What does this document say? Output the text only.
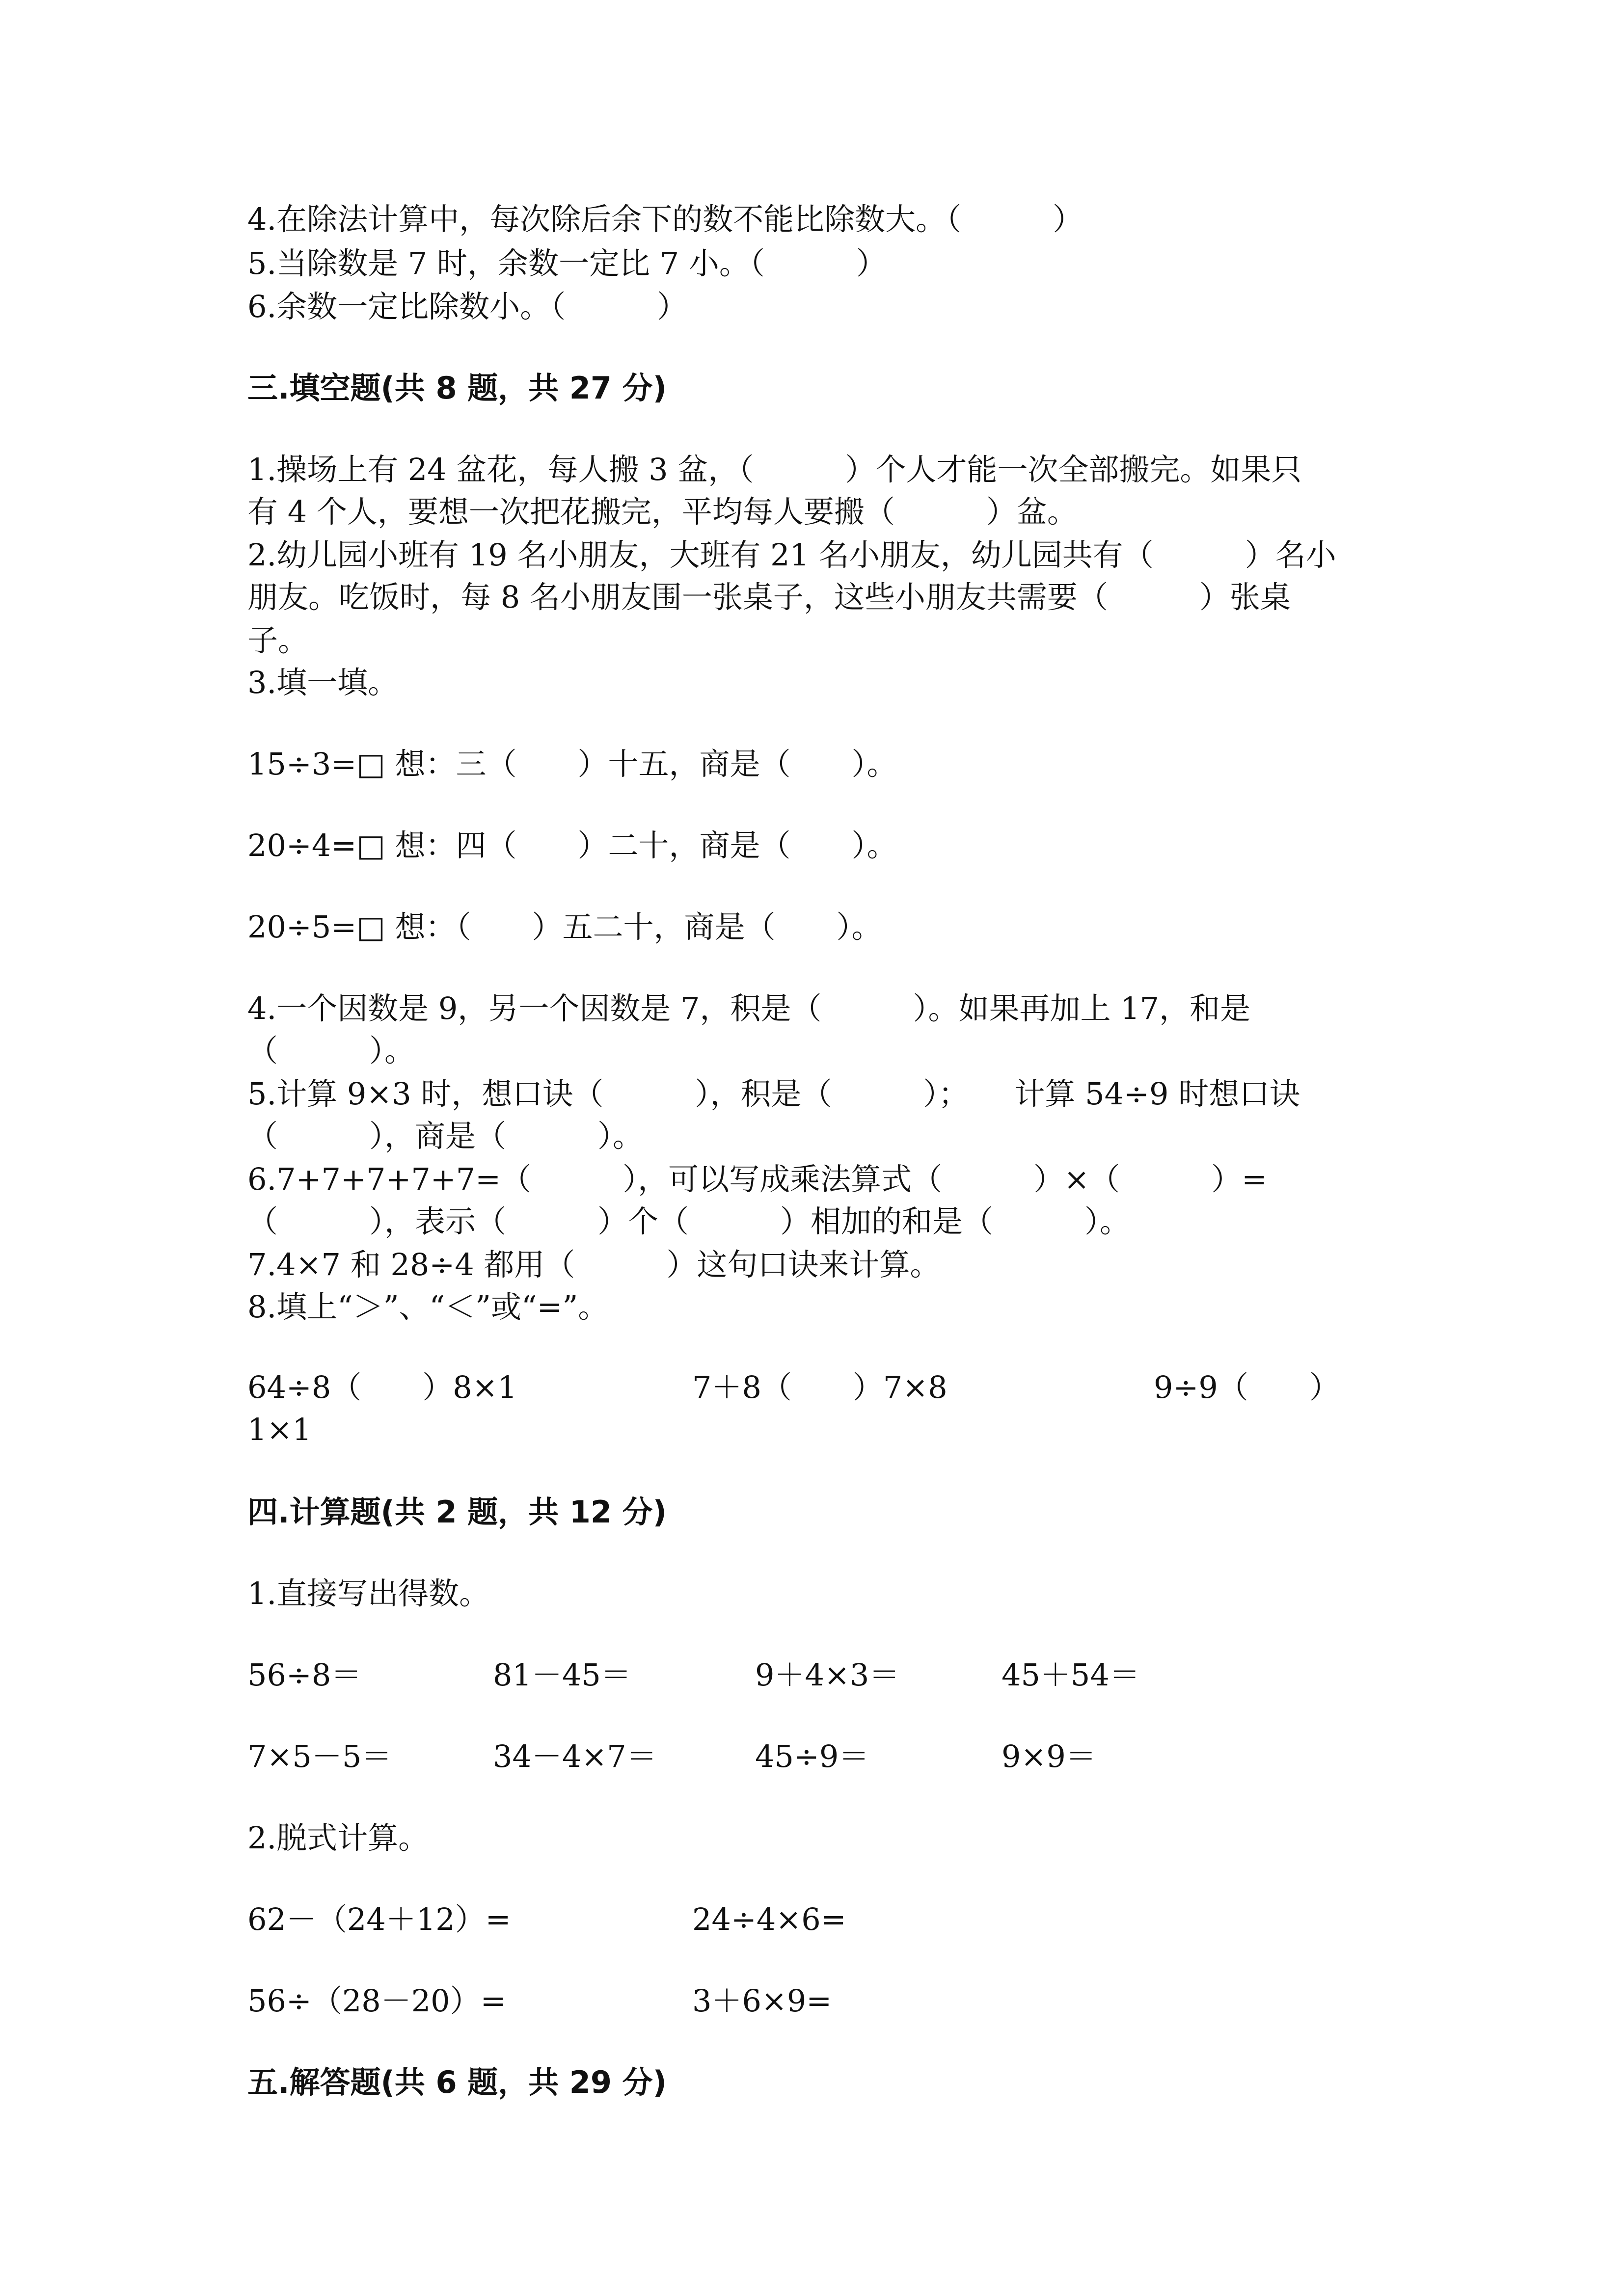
4.在除法计算中，每次除后余下的数不能比除数大。（　　　）

5.当除数是 7 时，余数一定比 7 小。（　　　）

6.余数一定比除数小。（　　　）

三.填空题(共 8 题，共 27 分)

1.操场上有 24 盆花，每人搬 3 盆，（　　　）个人才能一次全部搬完。如果只

有 4 个人，要想一次把花搬完，平均每人要搬（　　　）盆。

2.幼儿园小班有 19 名小朋友，大班有 21 名小朋友，幼儿园共有（　　　）名小

朋友。吃饭时，每 8 名小朋友围一张桌子，这些小朋友共需要（　　　）张桌

子。

3.填一填。

15÷3=□ 想：三（　　）十五，商是（　　）。

20÷4=□ 想：四（　　）二十，商是（　　）。

20÷5=□ 想：（　　）五二十，商是（　　）。

4.一个因数是 9，另一个因数是 7，积是（　　　）。如果再加上 17，和是

（　　　）。

5.计算 9×3 时，想口诀（　　　），积是（　　　）；　　计算 54÷9 时想口诀

（　　　），商是（　　　）。

6.7+7+7+7+7=（　　　），可以写成乘法算式（　　　）×（　　　）=

（　　　），表示（　　　）个（　　　）相加的和是（　　　）。

7.4×7 和 28÷4 都用（　　　）这句口诀来计算。

8.填上“＞”、“＜”或“=”。

64÷8（　　）8×1	7＋8（　　）7×8	9÷9（　　）
1×1

四.计算题(共 2 题，共 12 分)

1.直接写出得数。

56÷8＝	81－45＝	9＋4×3＝	45＋54＝
7×5－5＝	34－4×7＝	45÷9＝	9×9＝

2.脱式计算。

62－（24＋12）=	24÷4×6=
56÷（28－20）=	3＋6×9=

五.解答题(共 6 题，共 29 分)
